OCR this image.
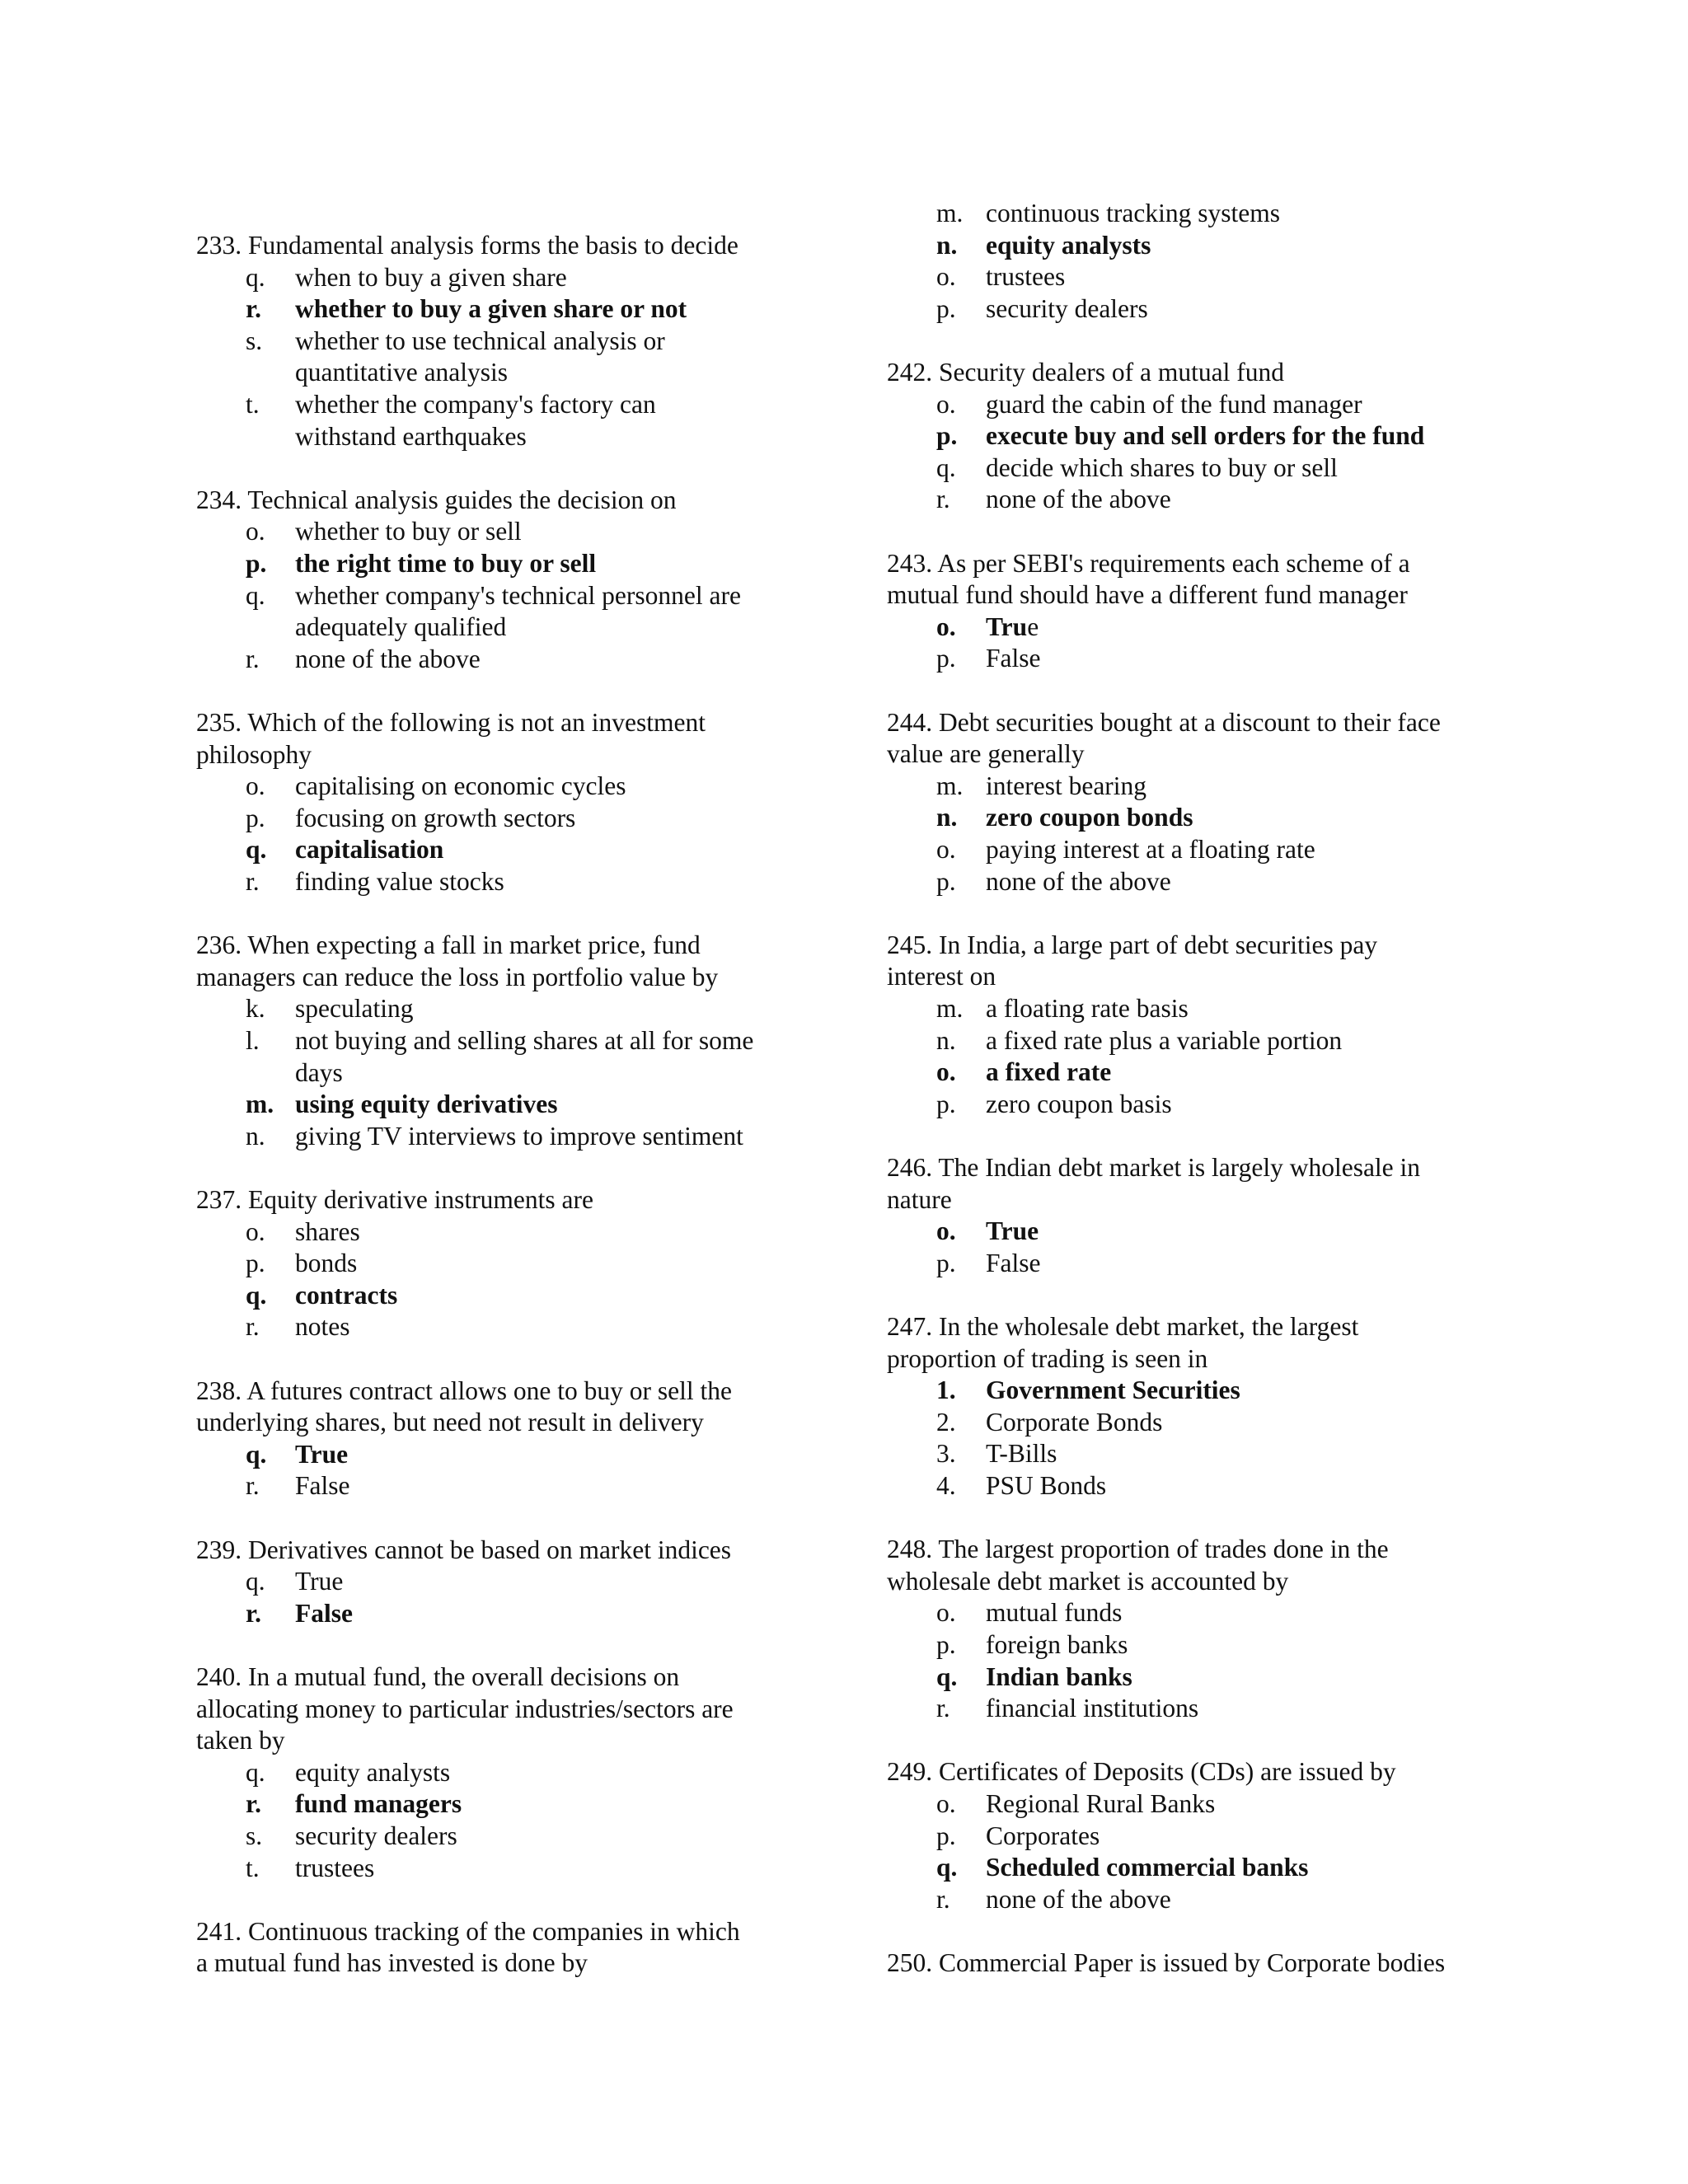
233. Fundamental analysis forms the basis to decide
q. when to buy a given share
r. whether to buy a given share or not
s. whether to use technical analysis or
quantitative analysis
t. whether the company's factory can
withstand earthquakes
234. Technical analysis guides the decision on
o. whether to buy or sell
p. the right time to buy or sell
q. whether company's technical personnel are
adequately qualified
r. none of the above
235. Which of the following is not an investment
philosophy
o. capitalising on economic cycles
p. focusing on growth sectors
q. capitalisation
r. finding value stocks
236. When expecting a fall in market price, fund
managers can reduce the loss in portfolio value by
k. speculating
l. not buying and selling shares at all for some
days
m. using equity derivatives
n. giving TV interviews to improve sentiment
237. Equity derivative instruments are
o. shares
p. bonds
q. contracts
r. notes
238. A futures contract allows one to buy or sell the
underlying shares, but need not result in delivery
q. True
r. False
239. Derivatives cannot be based on market indices
q. True
r. False
240. In a mutual fund, the overall decisions on
allocating money to particular industries/sectors are
taken by
q. equity analysts
r. fund managers
s. security dealers
t. trustees
241. Continuous tracking of the companies in which
a mutual fund has invested is done by
m. continuous tracking systems
n. equity analysts
o. trustees
p. security dealers
242. Security dealers of a mutual fund
o. guard the cabin of the fund manager
p. execute buy and sell orders for the fund
q. decide which shares to buy or sell
r. none of the above
243. As per SEBI's requirements each scheme of a
mutual fund should have a different fund manager
o. True
p. False
244. Debt securities bought at a discount to their face
value are generally
m. interest bearing
n. zero coupon bonds
o. paying interest at a floating rate
p. none of the above
245. In India, a large part of debt securities pay
interest on
m. a floating rate basis
n. a fixed rate plus a variable portion
o. a fixed rate
p. zero coupon basis
246. The Indian debt market is largely wholesale in
nature
o. True
p. False
247. In the wholesale debt market, the largest
proportion of trading is seen in
1. Government Securities
2. Corporate Bonds
3. T-Bills
4. PSU Bonds
248. The largest proportion of trades done in the
wholesale debt market is accounted by
o. mutual funds
p. foreign banks
q. Indian banks
r. financial institutions
249. Certificates of Deposits (CDs) are issued by
o. Regional Rural Banks
p. Corporates
q. Scheduled commercial banks
r. none of the above
250. Commercial Paper is issued by Corporate bodies
